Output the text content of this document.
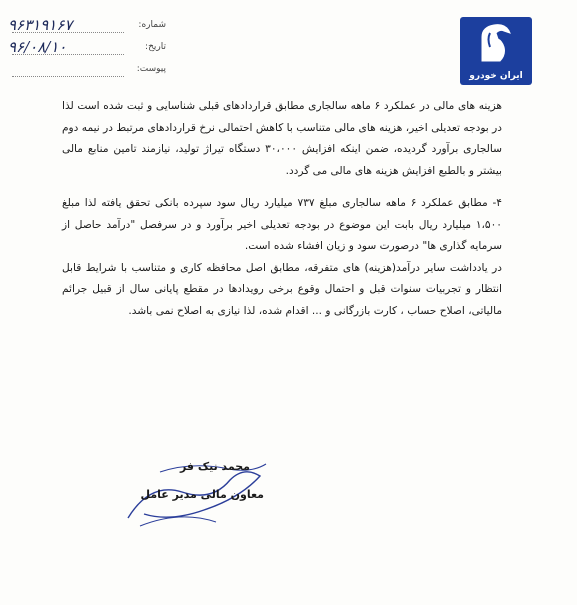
ایران خودرو
۹۶۳۱۹۱۶۷	شماره:
۹۶/۰۸/۱۰	تاریخ:
پیوست:

هزینه های مالی در عملکرد ۶ ماهه سالجاری مطابق قراردادهای قبلی شناسایی و ثبت شده است لذا در بودجه تعدیلی اخیر، هزینه های مالی متناسب با کاهش احتمالی نرخ قراردادهای مرتبط در نیمه دوم سالجاری برآورد گردیده، ضمن اینکه افزایش ۳۰،۰۰۰ دستگاه تیراژ تولید، نیازمند تامین منابع مالی بیشتر و بالطبع افزایش هزینه های مالی می گردد.

۴- مطابق عملکرد ۶ ماهه سالجاری مبلغ ۷۳۷ میلیارد ریال سود سپرده بانکی تحقق یافته لذا مبلغ ۱،۵۰۰ میلیارد ریال بابت این موضوع در بودجه تعدیلی اخیر برآورد و در سرفصل "درآمد حاصل از سرمایه گذاری ها" درصورت سود و زیان افشاء شده است.

در یادداشت سایر درآمد(هزینه) های متفرقه، مطابق اصل محافظه کاری و متناسب با شرایط قابل انتظار و تجربیات سنوات قبل و احتمال وقوع برخی رویدادها در مقطع پایانی سال از قبیل جرائم مالیاتی، اصلاح حساب ، کارت بازرگانی و ... اقدام شده، لذا نیازی به اصلاح نمی باشد.

محمد نیک فر
معاون مالی مدیر عامل
